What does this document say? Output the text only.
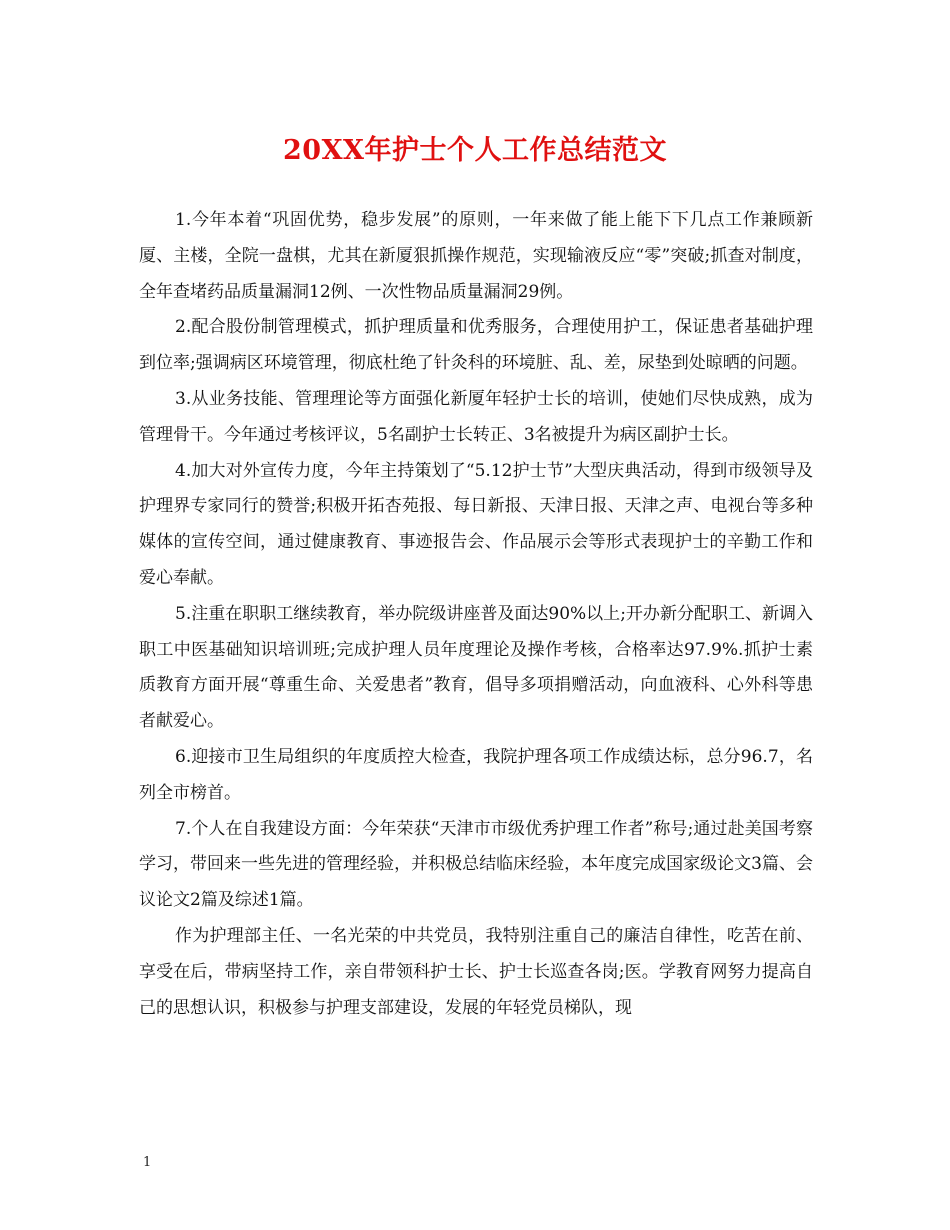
20XX年护士个人工作总结范文

1.今年本着“巩固优势，稳步发展”的原则，一年来做了能上能下下几点工作兼顾新厦、主楼，全院一盘棋，尤其在新厦狠抓操作规范，实现输液反应“零”突破;抓查对制度，全年查堵药品质量漏洞12例、一次性物品质量漏洞29例。

2.配合股份制管理模式，抓护理质量和优秀服务，合理使用护工，保证患者基础护理到位率;强调病区环境管理，彻底杜绝了针灸科的环境脏、乱、差，尿垫到处晾晒的问题。

3.从业务技能、管理理论等方面强化新厦年轻护士长的培训，使她们尽快成熟，成为管理骨干。今年通过考核评议，5名副护士长转正、3名被提升为病区副护士长。

4.加大对外宣传力度，今年主持策划了“5.12护士节”大型庆典活动，得到市级领导及护理界专家同行的赞誉;积极开拓杏苑报、每日新报、天津日报、天津之声、电视台等多种媒体的宣传空间，通过健康教育、事迹报告会、作品展示会等形式表现护士的辛勤工作和爱心奉献。

5.注重在职职工继续教育，举办院级讲座普及面达90%以上;开办新分配职工、新调入职工中医基础知识培训班;完成护理人员年度理论及操作考核，合格率达97.9%.抓护士素质教育方面开展“尊重生命、关爱患者”教育，倡导多项捐赠活动，向血液科、心外科等患者献爱心。

6.迎接市卫生局组织的年度质控大检查，我院护理各项工作成绩达标，总分96.7，名列全市榜首。

7.个人在自我建设方面：今年荣获“天津市市级优秀护理工作者”称号;通过赴美国考察学习，带回来一些先进的管理经验，并积极总结临床经验，本年度完成国家级论文3篇、会议论文2篇及综述1篇。

作为护理部主任、一名光荣的中共党员，我特别注重自己的廉洁自律性，吃苦在前、享受在后，带病坚持工作，亲自带领科护士长、护士长巡查各岗;医。学教育网努力提高自己的思想认识，积极参与护理支部建设，发展的年轻党员梯队，现

1
